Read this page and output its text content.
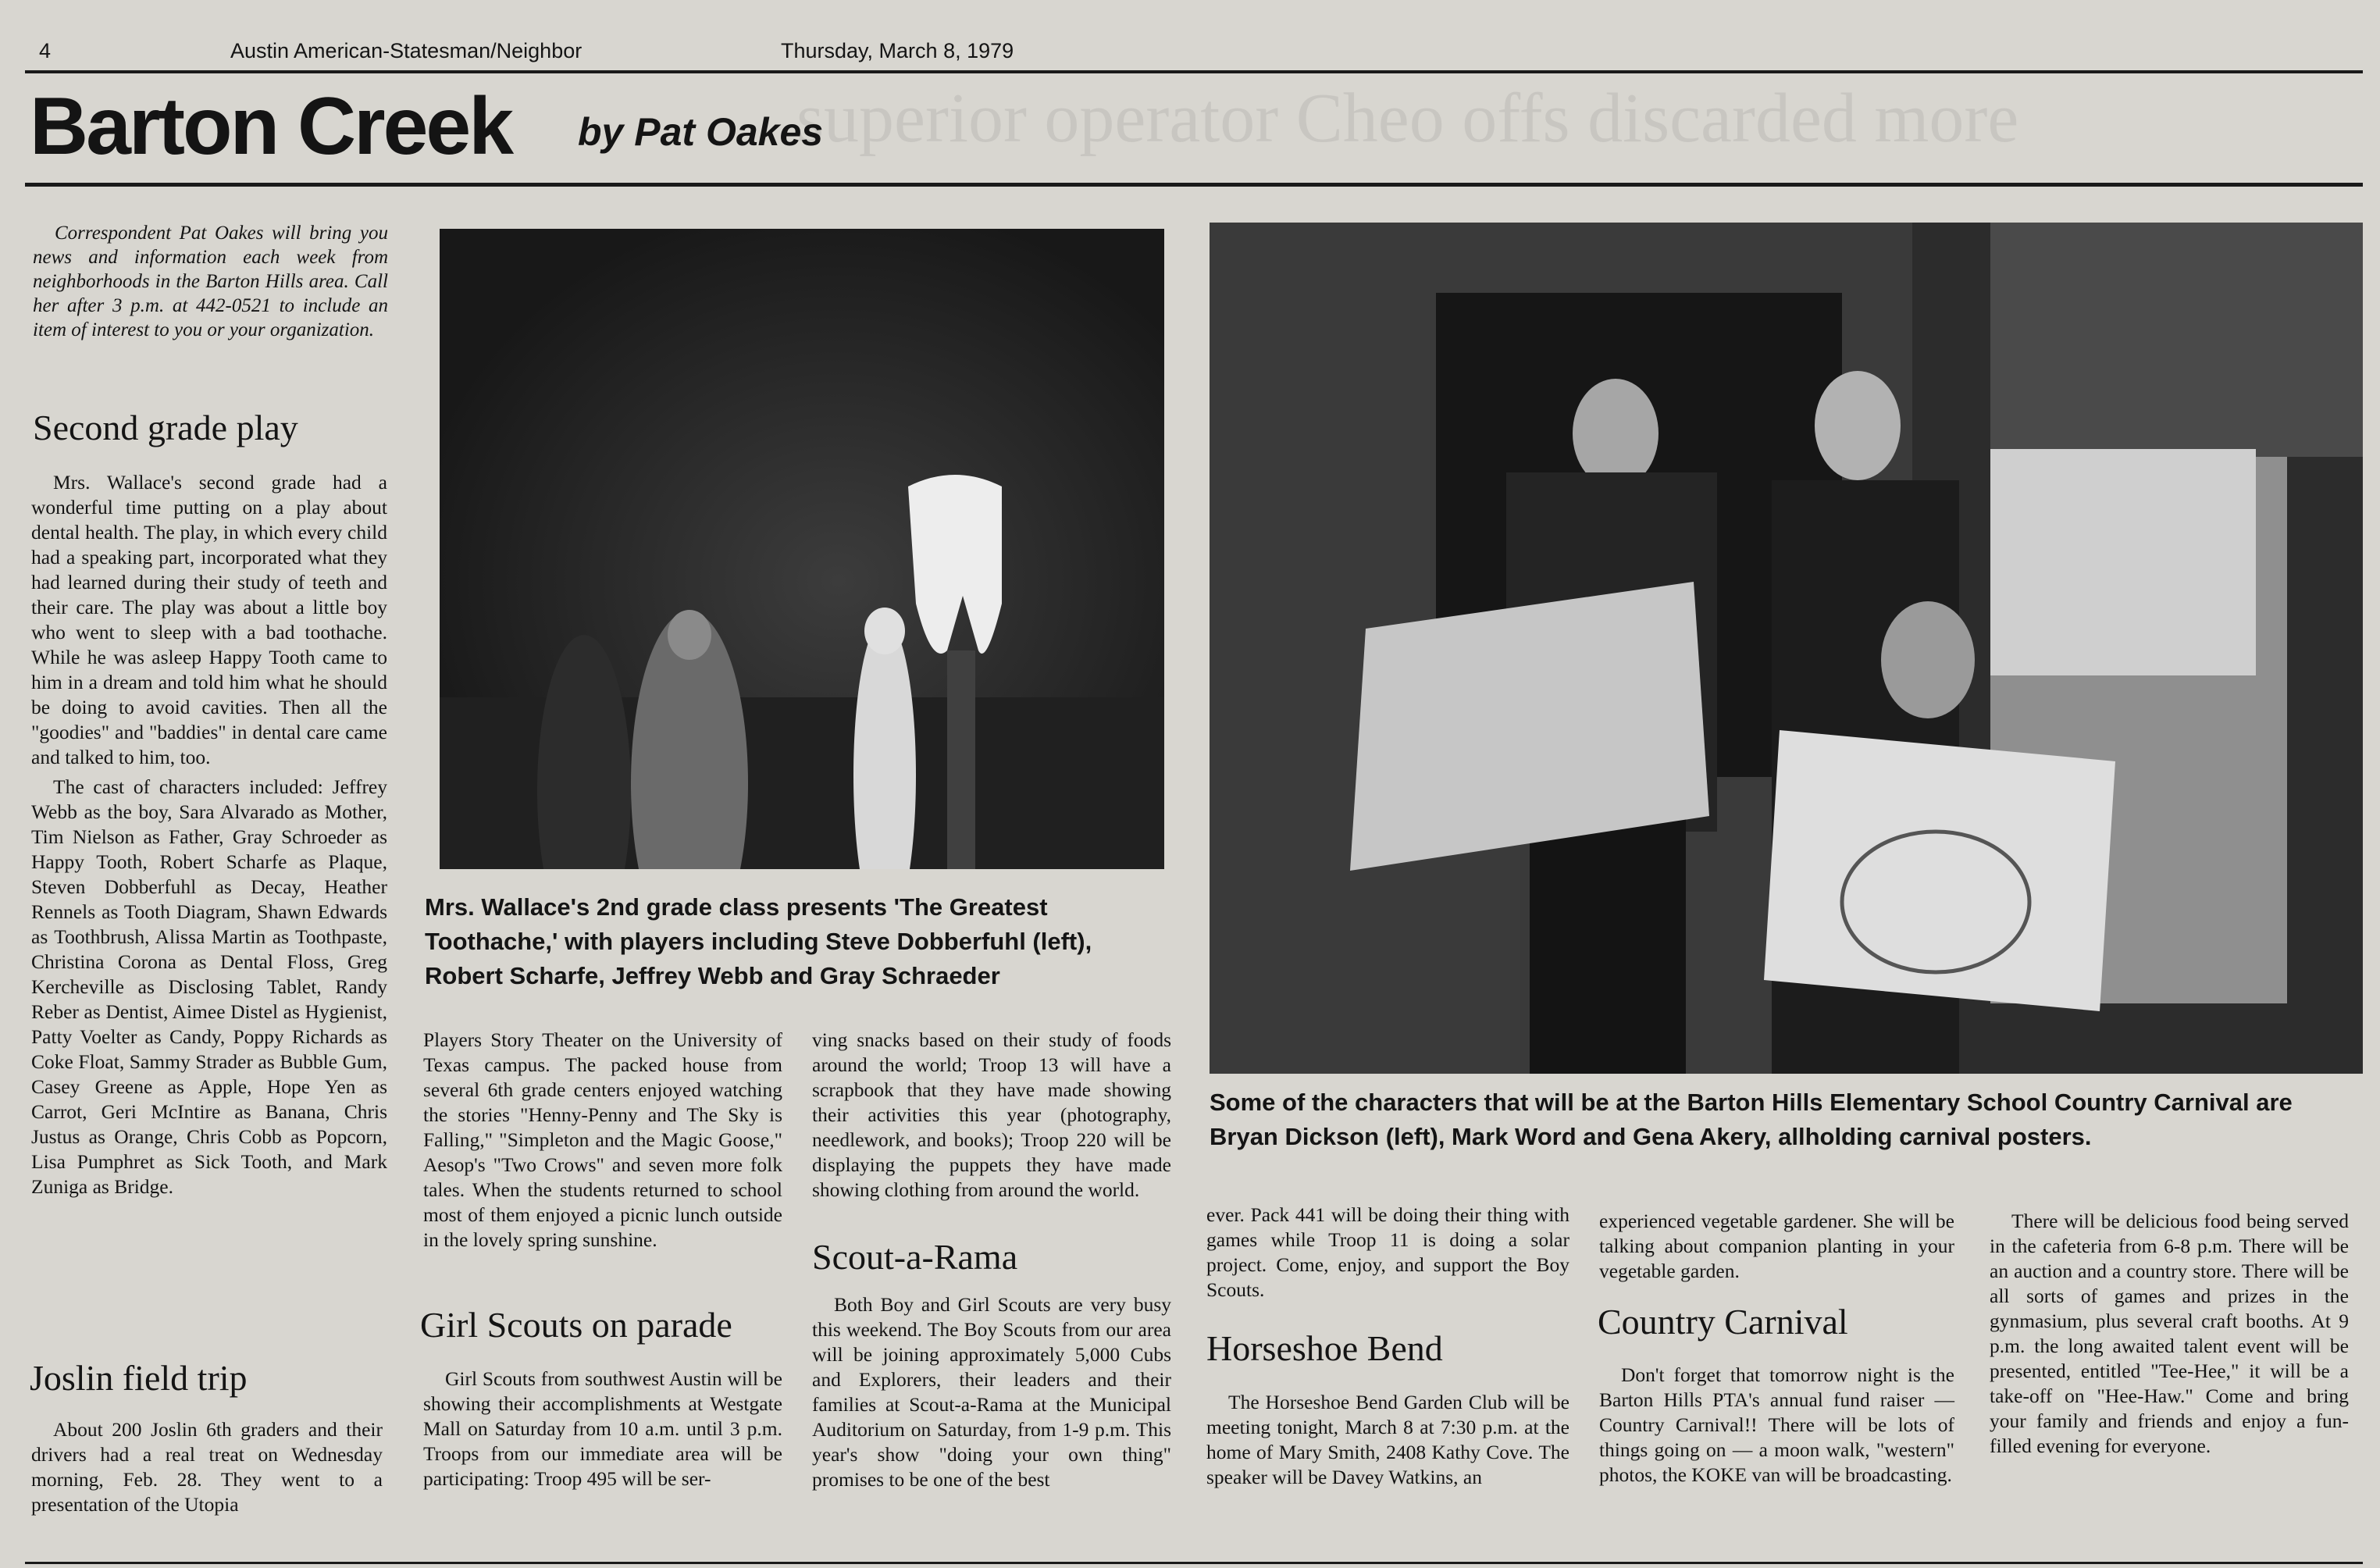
superior operator Cheo offs discarded more
4	Austin American-Statesman/Neighbor	Thursday, March 8, 1979
Barton Creek by Pat Oakes
Correspondent Pat Oakes will bring you news and information each week from neighborhoods in the Barton Hills area. Call her after 3 p.m. at 442-0521 to include an item of interest to you or your organization.
Second grade play

Mrs. Wallace's second grade had a wonderful time putting on a play about dental health. The play, in which every child had a speaking part, incorporated what they had learned during their study of teeth and their care. The play was about a little boy who went to sleep with a bad toothache. While he was asleep Happy Tooth came to him in a dream and told him what he should be doing to avoid cavities. Then all the "goodies" and "baddies" in dental care came and talked to him, too.

The cast of characters included: Jeffrey Webb as the boy, Sara Alvarado as Mother, Tim Nielson as Father, Gray Schroeder as Happy Tooth, Robert Scharfe as Plaque, Steven Dobberfuhl as Decay, Heather Rennels as Tooth Diagram, Shawn Edwards as Toothbrush, Alissa Martin as Toothpaste, Christina Corona as Dental Floss, Greg Kercheville as Disclosing Tablet, Randy Reber as Dentist, Aimee Distel as Hygienist, Patty Voelter as Candy, Poppy Richards as Coke Float, Sammy Strader as Bubble Gum, Casey Greene as Apple, Hope Yen as Carrot, Geri McIntire as Banana, Chris Justus as Orange, Chris Cobb as Popcorn, Lisa Pumphret as Sick Tooth, and Mark Zuniga as Bridge.

Joslin field trip

About 200 Joslin 6th graders and their drivers had a real treat on Wednesday morning, Feb. 28. They went to a presentation of the Utopia

Mrs. Wallace's 2nd grade class presents 'The Greatest Toothache,' with players including Steve Dobberfuhl (left), Robert Scharfe, Jeffrey Webb and Gray Schraeder

Players Story Theater on the University of Texas campus. The packed house from several 6th grade centers enjoyed watching the stories "Henny-Penny and The Sky is Falling," "Simpleton and the Magic Goose," Aesop's "Two Crows" and seven more folk tales. When the students returned to school most of them enjoyed a picnic lunch outside in the lovely spring sunshine.

Girl Scouts on parade

Girl Scouts from southwest Austin will be showing their accomplishments at Westgate Mall on Saturday from 10 a.m. until 3 p.m. Troops from our immediate area will be participating: Troop 495 will be ser-

ving snacks based on their study of foods around the world; Troop 13 will have a scrapbook that they have made showing their activities this year (photography, needlework, and books); Troop 220 will be displaying the puppets they have made showing clothing from around the world.

Scout-a-Rama

Both Boy and Girl Scouts are very busy this weekend. The Boy Scouts from our area will be joining approximately 5,000 Cubs and Explorers, their leaders and their families at Scout-a-Rama at the Municipal Auditorium on Saturday, from 1-9 p.m. This year's show "doing your own thing" promises to be one of the best

Some of the characters that will be at the Barton Hills Elementary School Country Carnival are Bryan Dickson (left), Mark Word and Gena Akery, allholding carnival posters.

ever. Pack 441 will be doing their thing with games while Troop 11 is doing a solar project. Come, enjoy, and support the Boy Scouts.

Horseshoe Bend

The Horseshoe Bend Garden Club will be meeting tonight, March 8 at 7:30 p.m. at the home of Mary Smith, 2408 Kathy Cove. The speaker will be Davey Watkins, an

experienced vegetable gardener. She will be talking about companion planting in your vegetable garden.

Country Carnival

Don't forget that tomorrow night is the Barton Hills PTA's annual fund raiser — Country Carnival!! There will be lots of things going on — a moon walk, "western" photos, the KOKE van will be broadcasting.

There will be delicious food being served in the cafeteria from 6-8 p.m. There will be an auction and a country store. There will be all sorts of games and prizes in the gynmasium, plus several craft booths. At 9 p.m. the long awaited talent event will be presented, entitled "Tee-Hee," it will be a take-off on "Hee-Haw." Come and bring your family and friends and enjoy a fun-filled evening for everyone.
